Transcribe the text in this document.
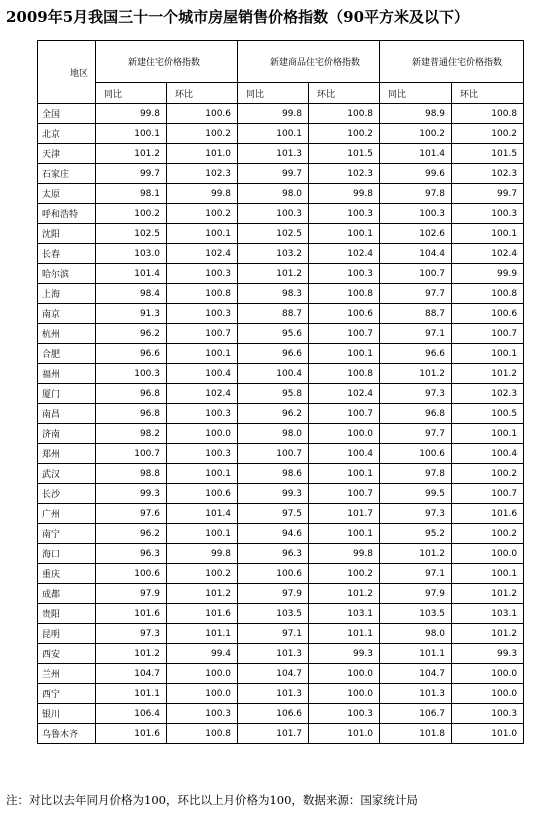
2009年5月我国三十一个城市房屋销售价格指数（90平方米及以下）
地区	新建住宅价格指数		新建商品住宅价格指数		新建普通住宅价格指数	
	同比	环比	同比	环比	同比	环比
全国	99.8	100.6	99.8	100.8	98.9	100.8
北京	100.1	100.2	100.1	100.2	100.2	100.2
天津	101.2	101.0	101.3	101.5	101.4	101.5
石家庄	99.7	102.3	99.7	102.3	99.6	102.3
太原	98.1	99.8	98.0	99.8	97.8	99.7
呼和浩特	100.2	100.2	100.3	100.3	100.3	100.3
沈阳	102.5	100.1	102.5	100.1	102.6	100.1
长春	103.0	102.4	103.2	102.4	104.4	102.4
哈尔滨	101.4	100.3	101.2	100.3	100.7	99.9
上海	98.4	100.8	98.3	100.8	97.7	100.8
南京	91.3	100.3	88.7	100.6	88.7	100.6
杭州	96.2	100.7	95.6	100.7	97.1	100.7
合肥	96.6	100.1	96.6	100.1	96.6	100.1
福州	100.3	100.4	100.4	100.8	101.2	101.2
厦门	96.8	102.4	95.8	102.4	97.3	102.3
南昌	96.8	100.3	96.2	100.7	96.8	100.5
济南	98.2	100.0	98.0	100.0	97.7	100.1
郑州	100.7	100.3	100.7	100.4	100.6	100.4
武汉	98.8	100.1	98.6	100.1	97.8	100.2
长沙	99.3	100.6	99.3	100.7	99.5	100.7
广州	97.6	101.4	97.5	101.7	97.3	101.6
南宁	96.2	100.1	94.6	100.1	95.2	100.2
海口	96.3	99.8	96.3	99.8	101.2	100.0
重庆	100.6	100.2	100.6	100.2	97.1	100.1
成都	97.9	101.2	97.9	101.2	97.9	101.2
贵阳	101.6	101.6	103.5	103.1	103.5	103.1
昆明	97.3	101.1	97.1	101.1	98.0	101.2
西安	101.2	99.4	101.3	99.3	101.1	99.3
兰州	104.7	100.0	104.7	100.0	104.7	100.0
西宁	101.1	100.0	101.3	100.0	101.3	100.0
银川	106.4	100.3	106.6	100.3	106.7	100.3
乌鲁木齐	101.6	100.8	101.7	101.0	101.8	101.0
注：对比以去年同月价格为100，环比以上月价格为100，数据来源：国家统计局
